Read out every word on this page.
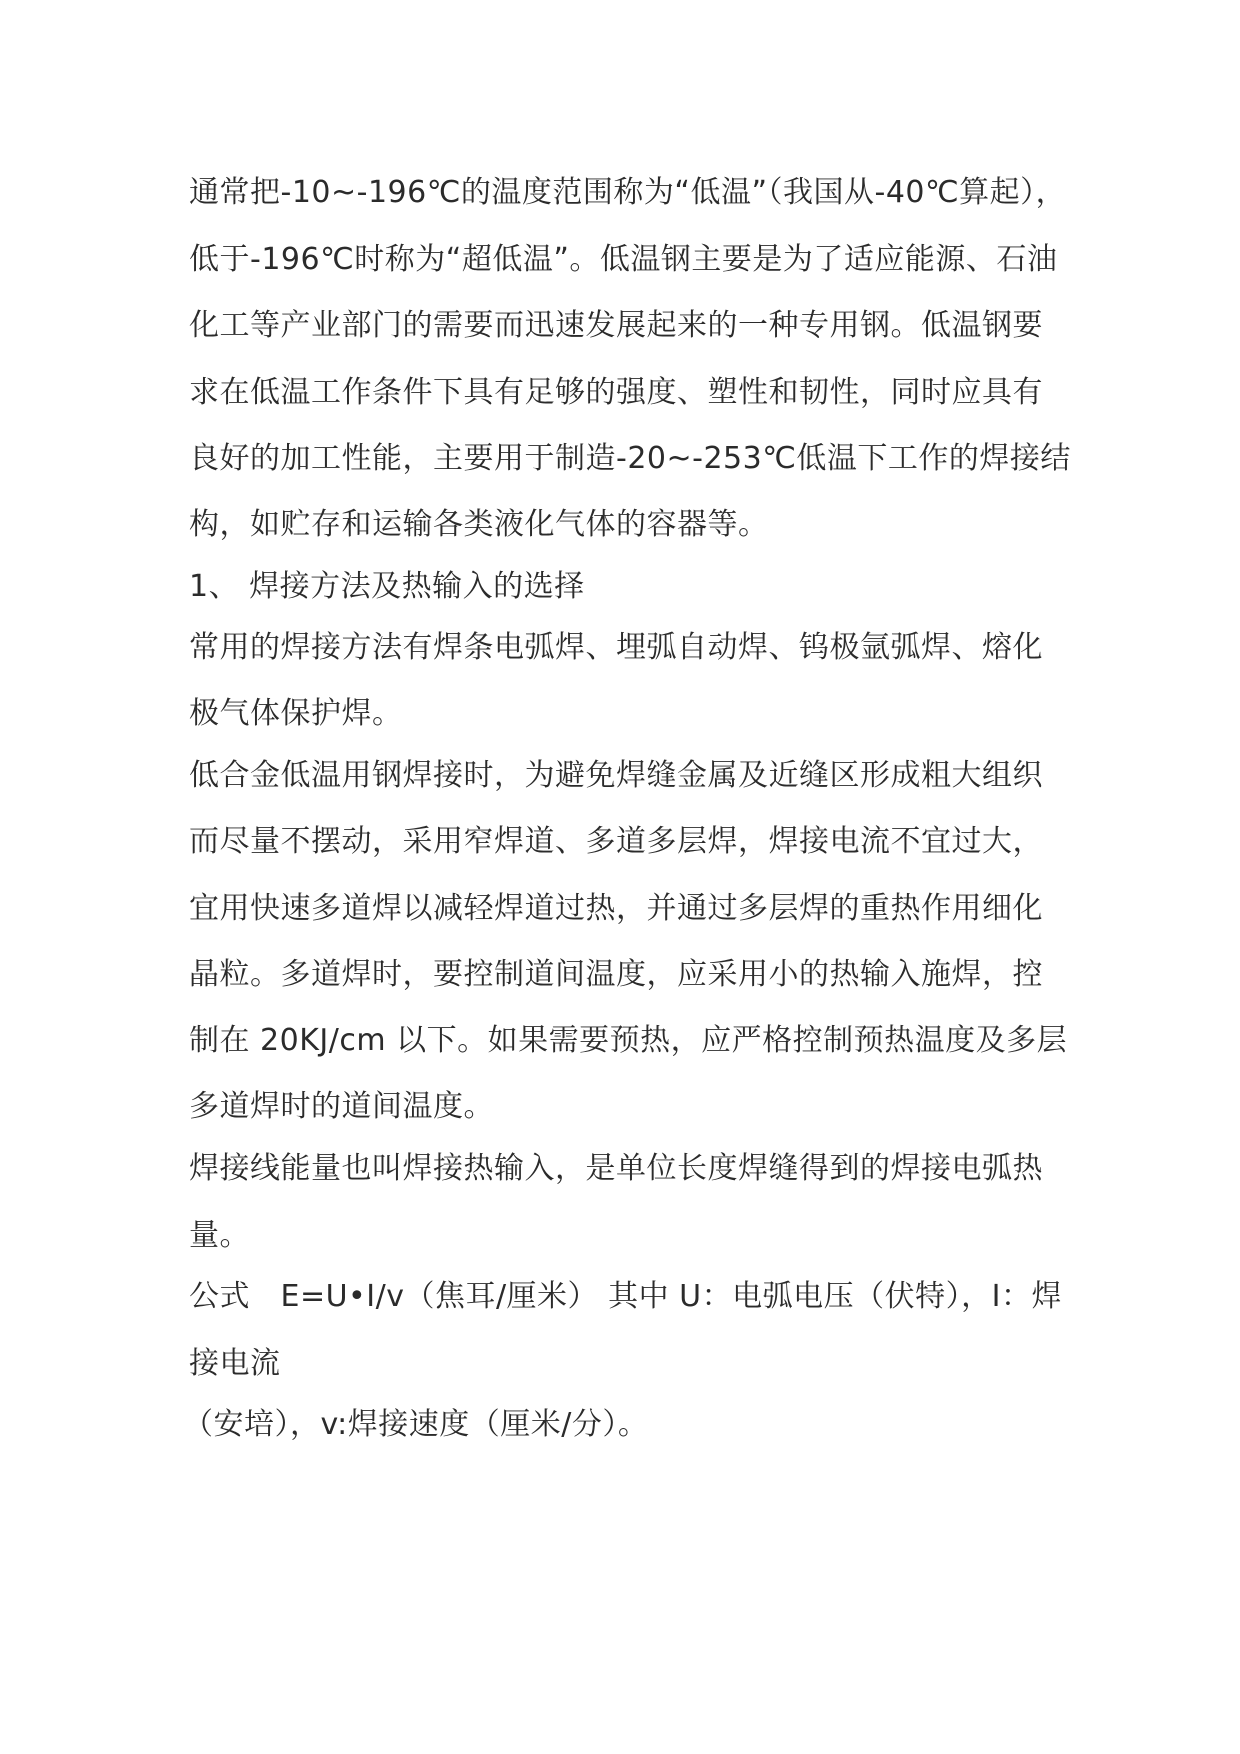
通常把-10~-196℃的温度范围称为“低温”（我国从-40℃算起），

低于-196℃时称为“超低温”。低温钢主要是为了适应能源、石油

化工等产业部门的需要而迅速发展起来的一种专用钢。低温钢要

求在低温工作条件下具有足够的强度、塑性和韧性，同时应具有

良好的加工性能，主要用于制造-20~-253℃低温下工作的焊接结

构，如贮存和运输各类液化气体的容器等。

1、 焊接方法及热输入的选择

常用的焊接方法有焊条电弧焊、埋弧自动焊、钨极氩弧焊、熔化

极气体保护焊。

低合金低温用钢焊接时，为避免焊缝金属及近缝区形成粗大组织

而尽量不摆动，采用窄焊道、多道多层焊，焊接电流不宜过大，

宜用快速多道焊以减轻焊道过热，并通过多层焊的重热作用细化

晶粒。多道焊时，要控制道间温度，应采用小的热输入施焊，控

制在 20KJ/cm 以下。如果需要预热，应严格控制预热温度及多层

多道焊时的道间温度。

焊接线能量也叫焊接热输入，是单位长度焊缝得到的焊接电弧热

量。

公式　E=U•I/v（焦耳/厘米） 其中 U：电弧电压（伏特），I：焊

接电流

（安培），v:焊接速度（厘米/分）。
